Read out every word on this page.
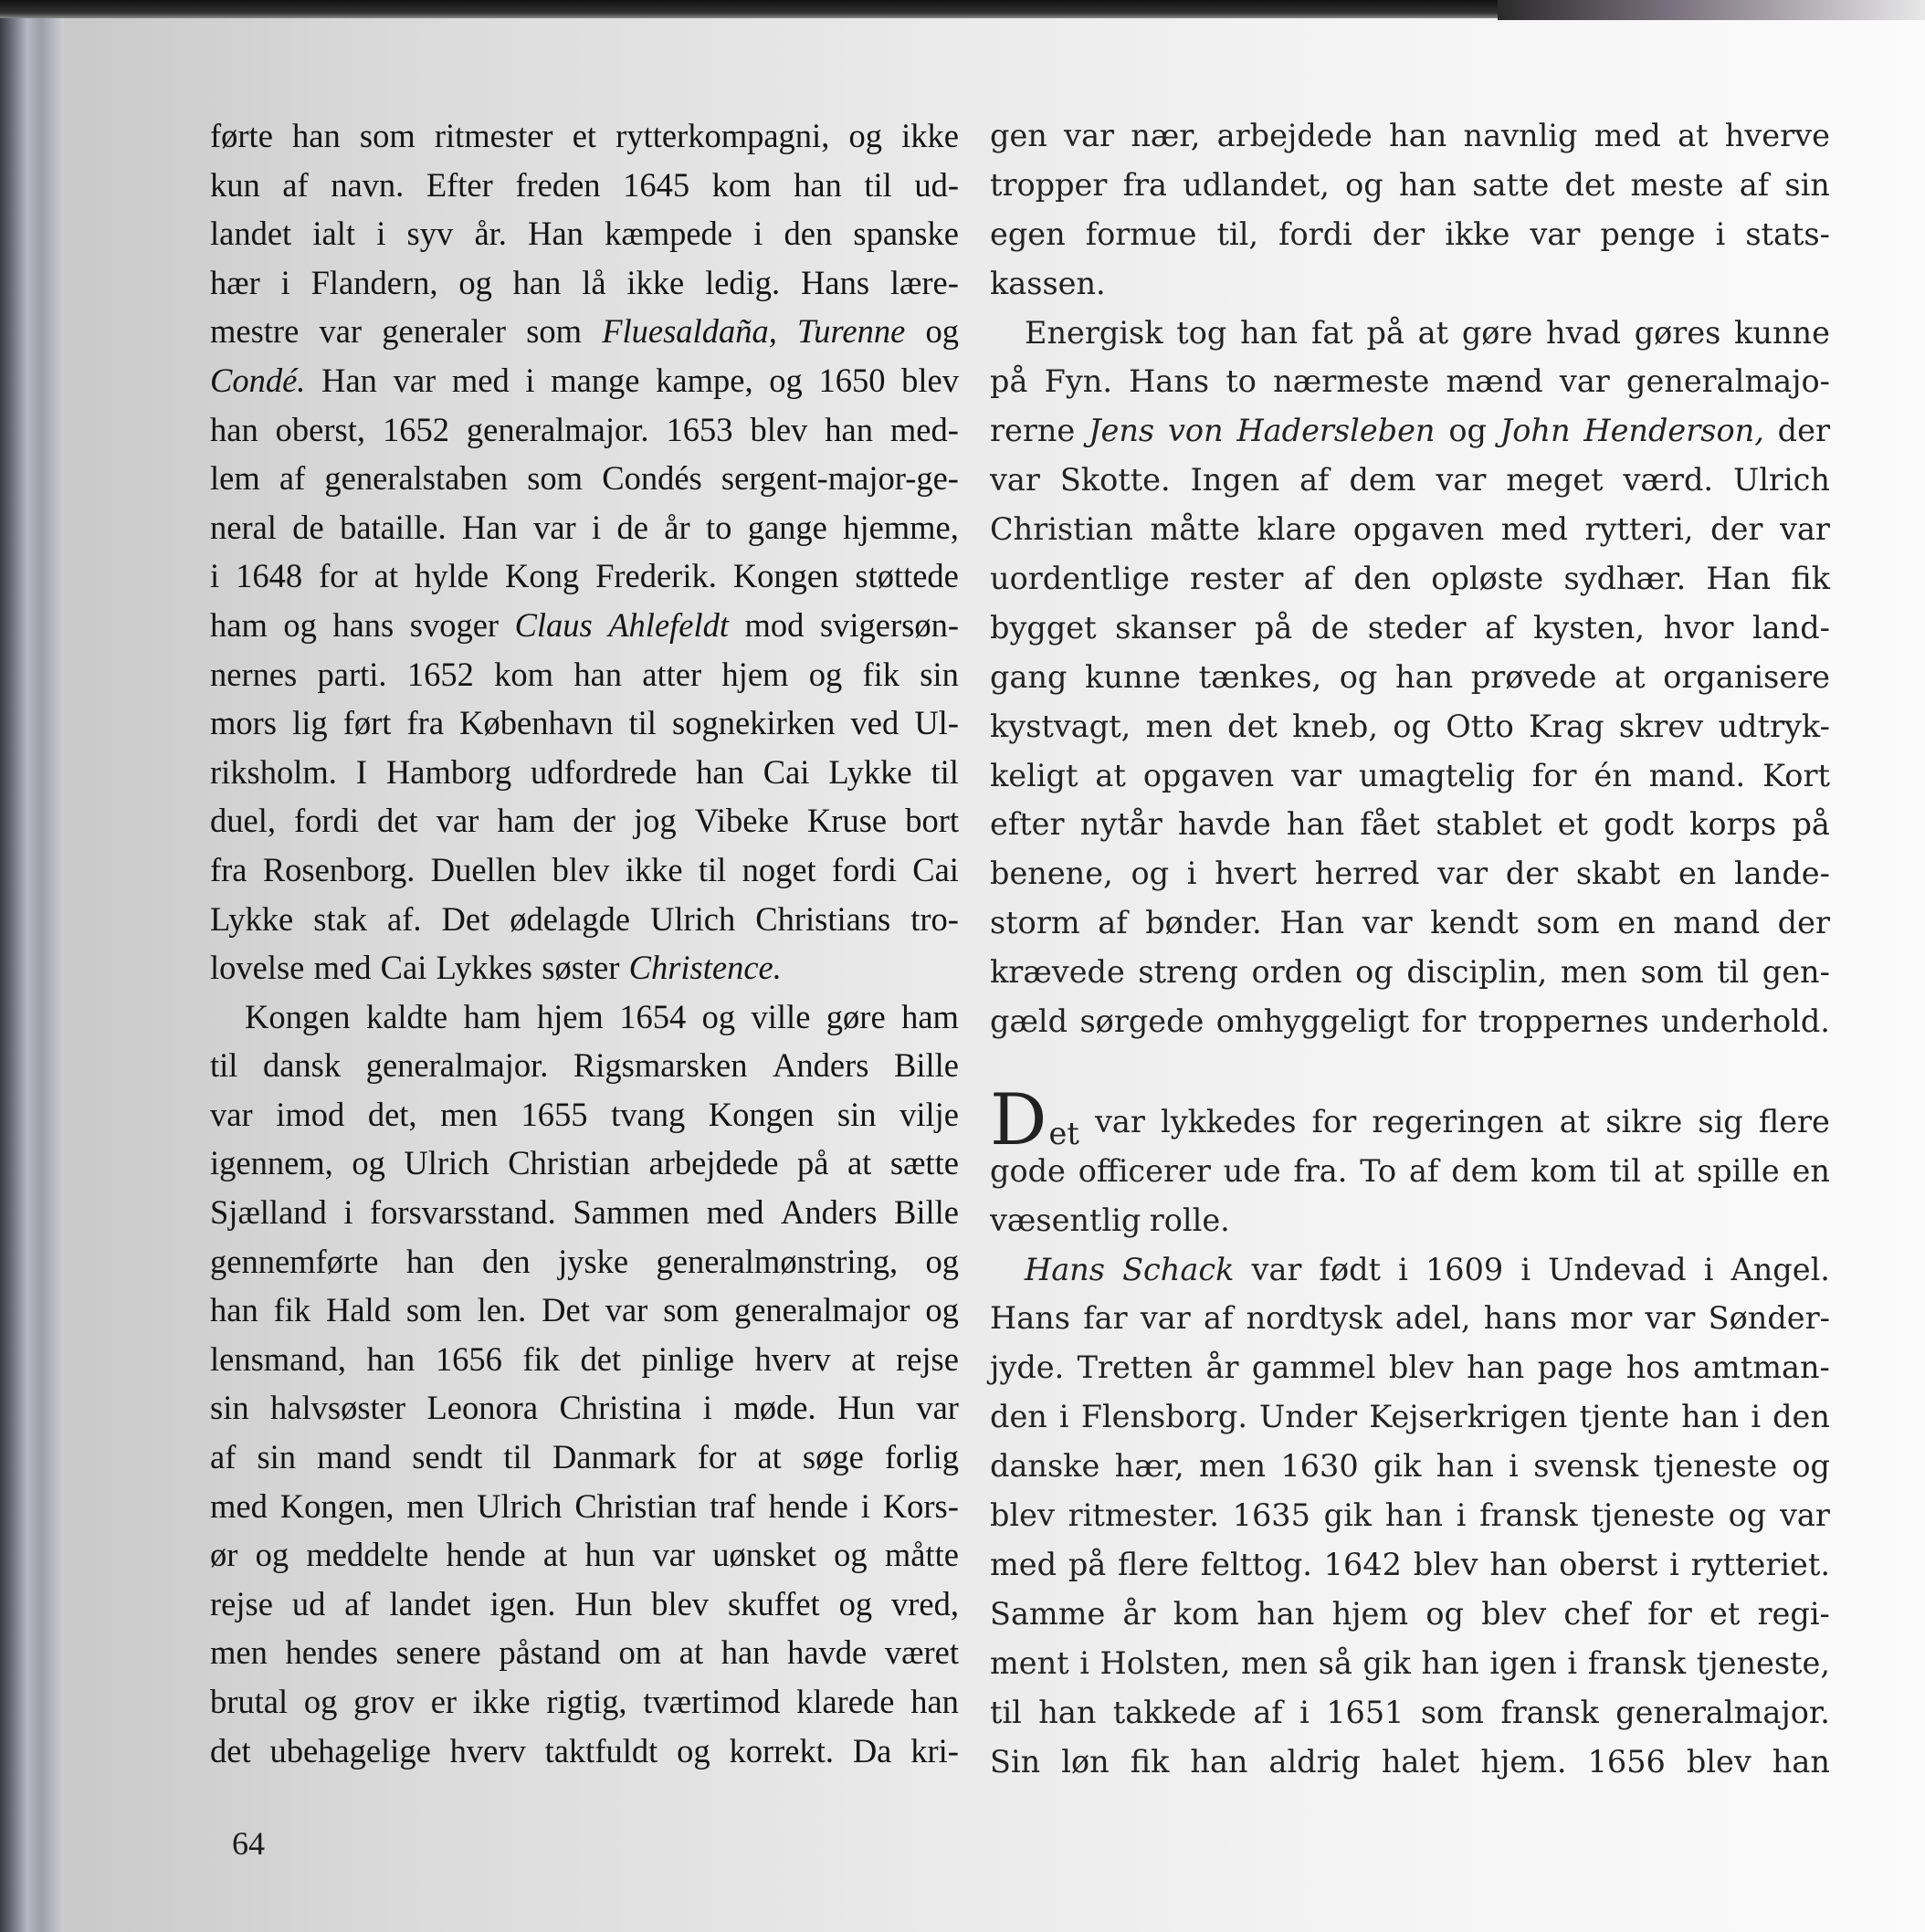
førte han som ritmester et rytterkompagni, og ikke
kun af navn. Efter freden 1645 kom han til ud-
landet ialt i syv år. Han kæmpede i den spanske
hær i Flandern, og han lå ikke ledig. Hans lære-
mestre var generaler som Fluesaldaña, Turenne og
Condé. Han var med i mange kampe, og 1650 blev
han oberst, 1652 generalmajor. 1653 blev han med-
lem af generalstaben som Condés sergent-major-ge-
neral de bataille. Han var i de år to gange hjemme,
i 1648 for at hylde Kong Frederik. Kongen støttede
ham og hans svoger Claus Ahlefeldt mod svigersøn-
nernes parti. 1652 kom han atter hjem og fik sin
mors lig ført fra København til sognekirken ved Ul-
riksholm. I Hamborg udfordrede han Cai Lykke til
duel, fordi det var ham der jog Vibeke Kruse bort
fra Rosenborg. Duellen blev ikke til noget fordi Cai
Lykke stak af. Det ødelagde Ulrich Christians tro-
lovelse med Cai Lykkes søster Christence.
Kongen kaldte ham hjem 1654 og ville gøre ham
til dansk generalmajor. Rigsmarsken Anders Bille
var imod det, men 1655 tvang Kongen sin vilje
igennem, og Ulrich Christian arbejdede på at sætte
Sjælland i forsvarsstand. Sammen med Anders Bille
gennemførte han den jyske generalmønstring, og
han fik Hald som len. Det var som generalmajor og
lensmand, han 1656 fik det pinlige hverv at rejse
sin halvsøster Leonora Christina i møde. Hun var
af sin mand sendt til Danmark for at søge forlig
med Kongen, men Ulrich Christian traf hende i Kors-
ør og meddelte hende at hun var uønsket og måtte
rejse ud af landet igen. Hun blev skuffet og vred,
men hendes senere påstand om at han havde været
brutal og grov er ikke rigtig, tværtimod klarede han
det ubehagelige hverv taktfuldt og korrekt. Da kri-
gen var nær, arbejdede han navnlig med at hverve
tropper fra udlandet, og han satte det meste af sin
egen formue til, fordi der ikke var penge i stats-
kassen.
Energisk tog han fat på at gøre hvad gøres kunne
på Fyn. Hans to nærmeste mænd var generalmajo-
rerne Jens von Hadersleben og John Henderson, der
var Skotte. Ingen af dem var meget værd. Ulrich
Christian måtte klare opgaven med rytteri, der var
uordentlige rester af den opløste sydhær. Han fik
bygget skanser på de steder af kysten, hvor land-
gang kunne tænkes, og han prøvede at organisere
kystvagt, men det kneb, og Otto Krag skrev udtryk-
keligt at opgaven var umagtelig for én mand. Kort
efter nytår havde han fået stablet et godt korps på
benene, og i hvert herred var der skabt en lande-
storm af bønder. Han var kendt som en mand der
krævede streng orden og disciplin, men som til gen-
gæld sørgede omhyggeligt for troppernes underhold.
Det var lykkedes for regeringen at sikre sig flere
gode officerer ude fra. To af dem kom til at spille en
væsentlig rolle.
Hans Schack var født i 1609 i Undevad i Angel.
Hans far var af nordtysk adel, hans mor var Sønder-
jyde. Tretten år gammel blev han page hos amtman-
den i Flensborg. Under Kejserkrigen tjente han i den
danske hær, men 1630 gik han i svensk tjeneste og
blev ritmester. 1635 gik han i fransk tjeneste og var
med på flere felttog. 1642 blev han oberst i rytteriet.
Samme år kom han hjem og blev chef for et regi-
ment i Holsten, men så gik han igen i fransk tjeneste,
til han takkede af i 1651 som fransk generalmajor.
Sin løn fik han aldrig halet hjem. 1656 blev han
64
